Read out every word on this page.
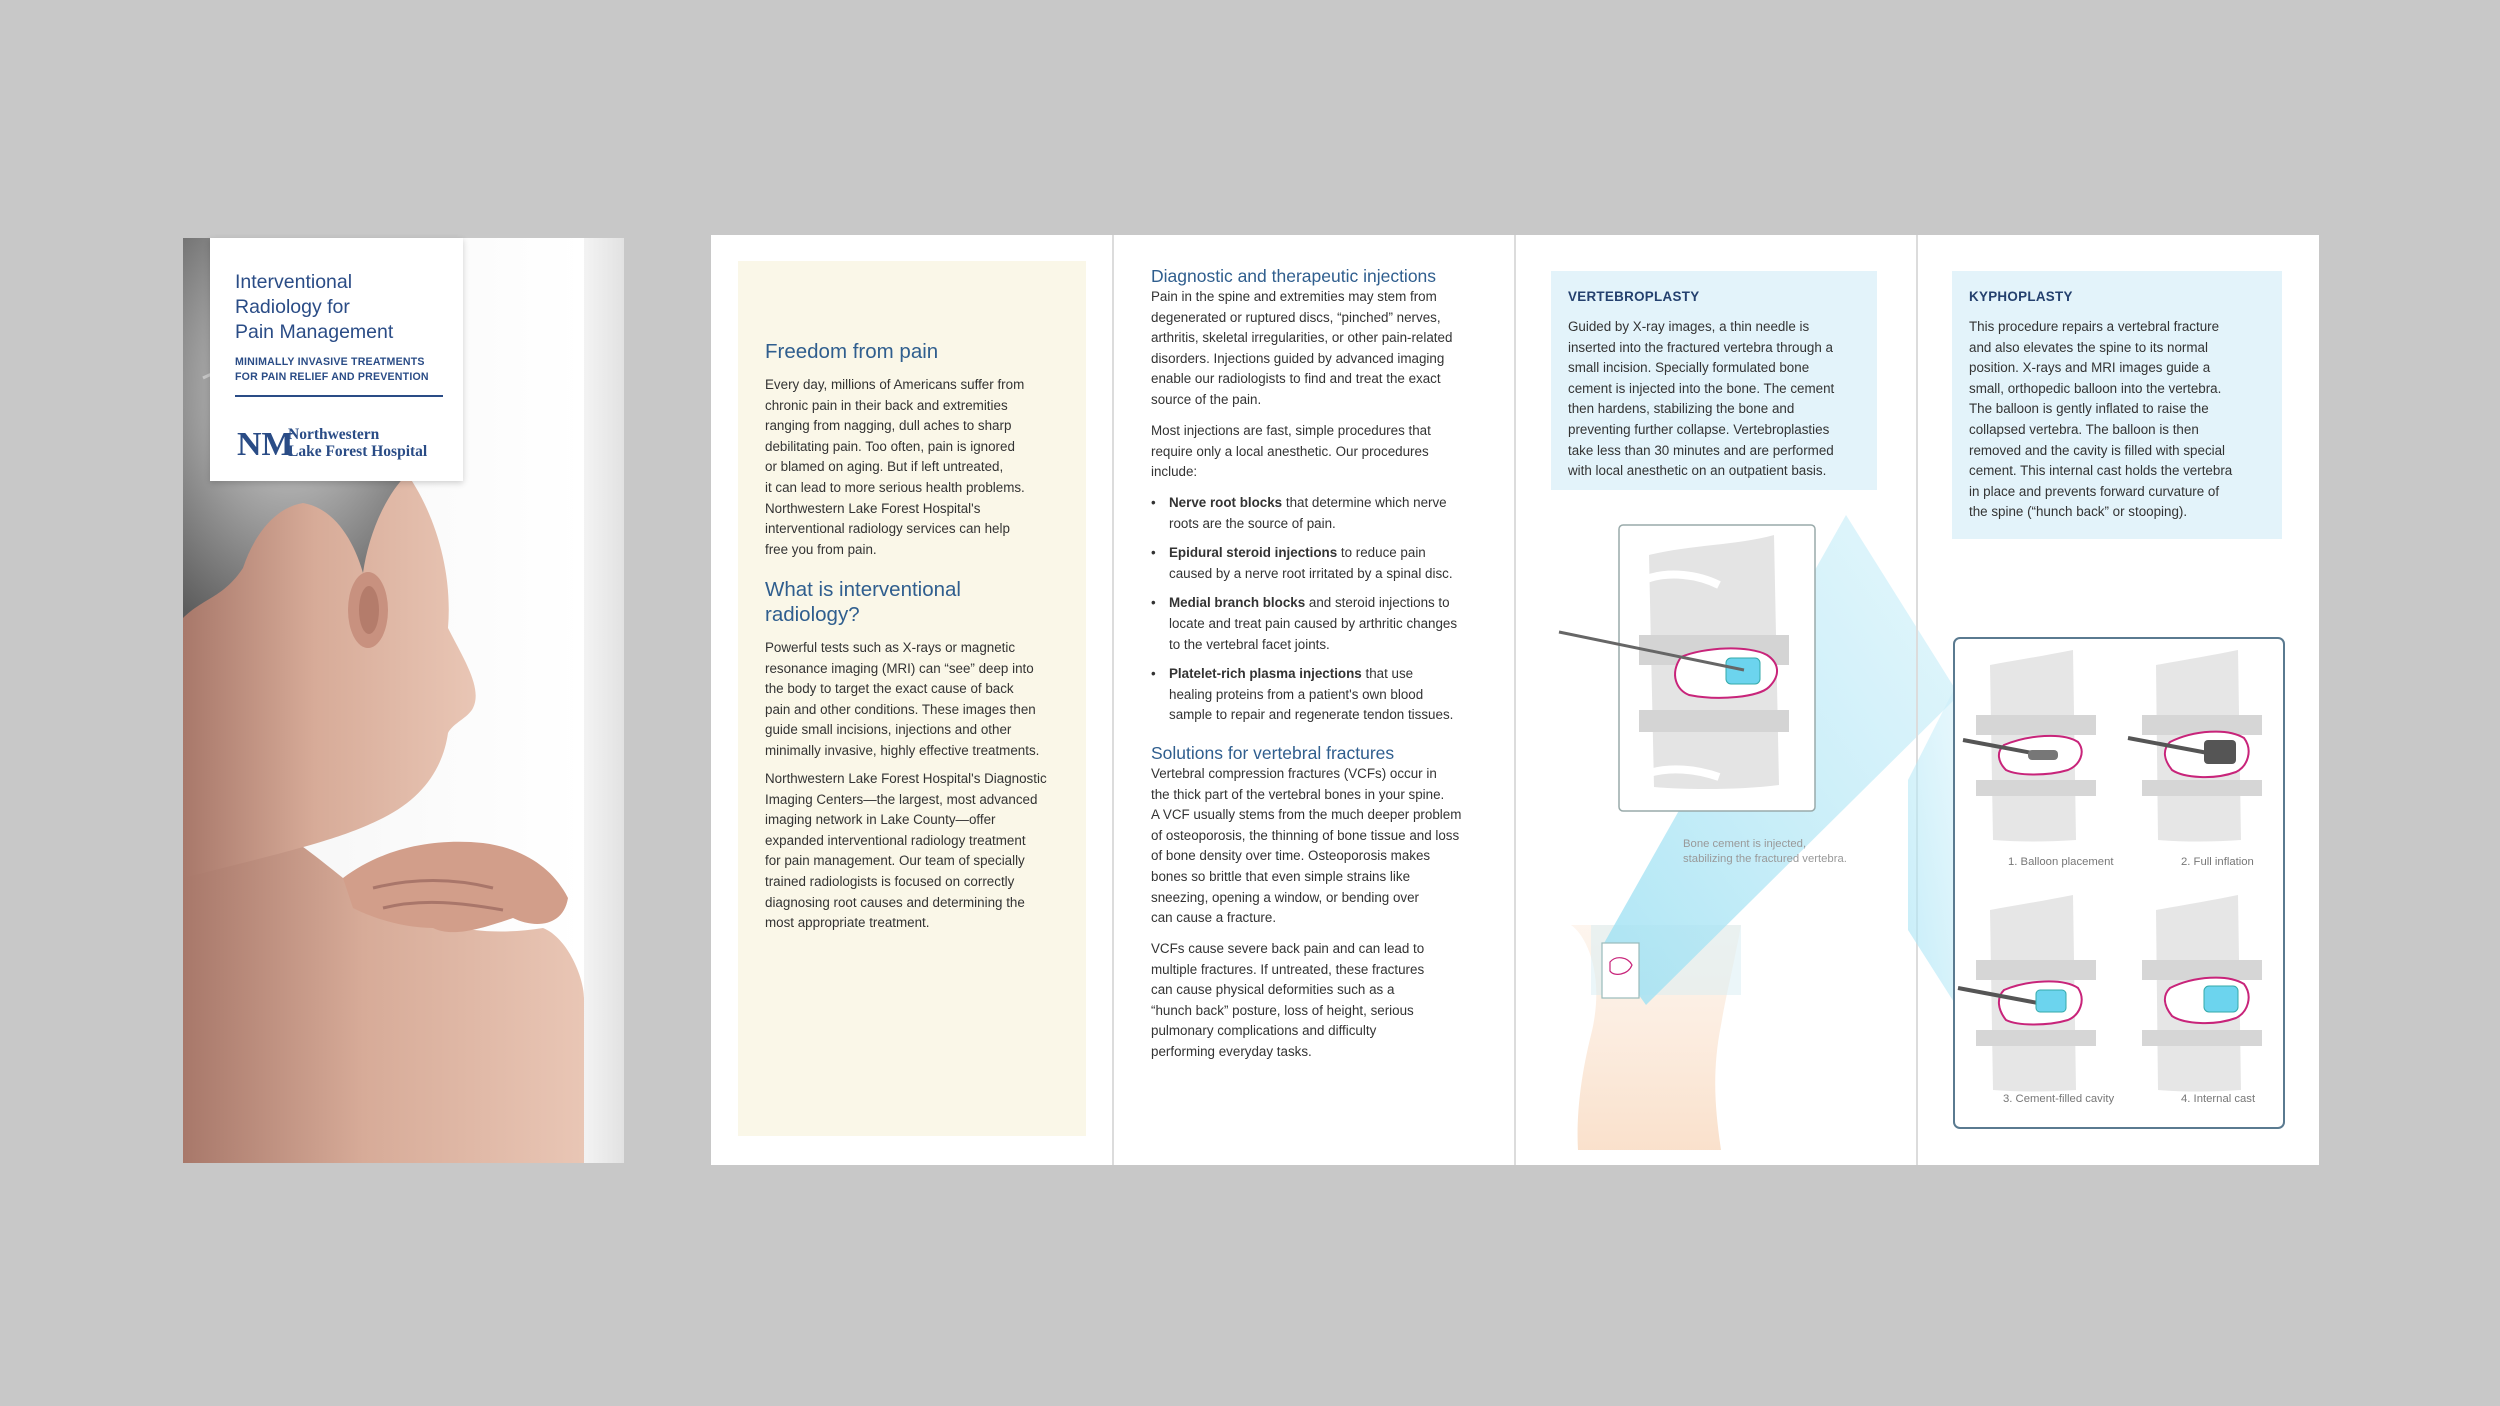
Interventional
Radiology for
Pain Management
MINIMALLY INVASIVE TREATMENTS
FOR PAIN RELIEF AND PREVENTION
NM
Northwestern
Lake Forest Hospital
Freedom from pain
Every day, millions of Americans suffer from
chronic pain in their back and extremities
ranging from nagging, dull aches to sharp
debilitating pain. Too often, pain is ignored
or blamed on aging. But if left untreated,
it can lead to more serious health problems.
Northwestern Lake Forest Hospital's
interventional radiology services can help
free you from pain.
What is interventional
radiology?
Powerful tests such as X-rays or magnetic
resonance imaging (MRI) can “see” deep into
the body to target the exact cause of back
pain and other conditions. These images then
guide small incisions, injections and other
minimally invasive, highly effective treatments.
Northwestern Lake Forest Hospital's Diagnostic
Imaging Centers—the largest, most advanced
imaging network in Lake County—offer
expanded interventional radiology treatment
for pain management. Our team of specially
trained radiologists is focused on correctly
diagnosing root causes and determining the
most appropriate treatment.
Diagnostic and therapeutic injections
Pain in the spine and extremities may stem from
degenerated or ruptured discs, “pinched” nerves,
arthritis, skeletal irregularities, or other pain-related
disorders. Injections guided by advanced imaging
enable our radiologists to find and treat the exact
source of the pain.
Most injections are fast, simple procedures that
require only a local anesthetic. Our procedures
include:
• Nerve root blocks that determine which nerve
roots are the source of pain.
• Epidural steroid injections to reduce pain
caused by a nerve root irritated by a spinal disc.
• Medial branch blocks and steroid injections to
locate and treat pain caused by arthritic changes
to the vertebral facet joints.
• Platelet-rich plasma injections that use
healing proteins from a patient's own blood
sample to repair and regenerate tendon tissues.
Solutions for vertebral fractures
Vertebral compression fractures (VCFs) occur in
the thick part of the vertebral bones in your spine.
A VCF usually stems from the much deeper problem
of osteoporosis, the thinning of bone tissue and loss
of bone density over time. Osteoporosis makes
bones so brittle that even simple strains like
sneezing, opening a window, or bending over
can cause a fracture.
VCFs cause severe back pain and can lead to
multiple fractures. If untreated, these fractures
can cause physical deformities such as a
“hunch back” posture, loss of height, serious
pulmonary complications and difficulty
performing everyday tasks.
VERTEBROPLASTY
Guided by X-ray images, a thin needle is
inserted into the fractured vertebra through a
small incision. Specially formulated bone
cement is injected into the bone. The cement
then hardens, stabilizing the bone and
preventing further collapse. Vertebroplasties
take less than 30 minutes and are performed
with local anesthetic on an outpatient basis.
Bone cement is injected,
stabilizing the fractured vertebra.
KYPHOPLASTY
This procedure repairs a vertebral fracture
and also elevates the spine to its normal
position. X-rays and MRI images guide a
small, orthopedic balloon into the vertebra.
The balloon is gently inflated to raise the
collapsed vertebra. The balloon is then
removed and the cavity is filled with special
cement. This internal cast holds the vertebra
in place and prevents forward curvature of
the spine (“hunch back” or stooping).
1. Balloon placement	2. Full inflation
3. Cement-filled cavity	4. Internal cast
